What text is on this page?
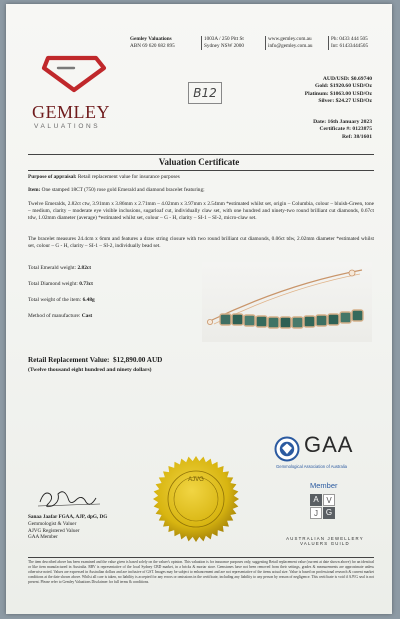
Gemley Valuations
ABN 69 620 682 895
1003A / 250 Pitt St
Sydney NSW 2000
www.gemley.com.au
info@gemley.com.au
Ph: 0433 444 505
Int: 61433444505
GEMLEY
VALUATIONS
B12
AUD/USD: $0.69740
Gold: $1920.60 USD/Oz
Platinum: $1063.00 USD/Oz
Silver: $24.27 USD/Oz
Date: 16th January 2023
Certificate #: 0123875
Ref: 38/1601
Valuation Certificate
Purpose of appraisal: Retail replacement value for insurance purposes
Item: One stamped 18CT (750) rose gold Emerald and diamond bracelet featuring;
Twelve Emeralds, 2.82ct ctw, 3.91mm x 3.86mm x 2.71mm – 4.02mm x 3.97mm x 2.54mm *estimated whilst set, origin – Columbia, colour – bluish-Green, tone – medium, clarity – moderate eye visible inclusions, sugarloaf cut, individually claw set, with one hundred and ninety-two round brilliant cut diamonds, 0.67ct tdw, 1.02mm diameter (average) *estimated whilst set, colour – G - H, clarity – SI-1 – SI-2, micro-claw set.
The bracelet measures 24.4cm x 6mm and features a draw string closure with two round brilliant cut diamonds, 0.06ct tdw, 2.02mm diameter *estimated whilst set, colour – G - H, clarity – SI-1 – SI-2, individually bead set.
Total Emerald weight: 2.82ct
Total Diamond weight: 0.73ct
Total weight of the item: 6.48g
Method of manufacture: Cast
Retail Replacement Value: $12,890.00 AUD
(Twelve thousand eight hundred and ninety dollars)
GAA
Gemmological Association of Australia
Member
A V
J G
AUSTRALIAN JEWELLERY
VALUERS GUILD
AJVG
Sanaa Jaafar FGAA, AJP, dpG, DG
Gemmologist & Valuer
AJVG Registered Valuer
GAA Member
The item described above has been examined and the value given is based solely on the valuer's opinion. This valuation is for insurance purposes only, suggesting Retail replacement value (current at date shown above) for an identical or like item manufactured in Australia. RRV is representative of the local Sydney CBD market, in a bricks & mortar store. Gemstones have not been removed from their settings, grades & measurements are approximate unless otherwise noted. Values are expressed in Australian dollars and are inclusive of GST. Images may be subject to enhancement and are not representative of the items actual size. Value is based on professional research & current market conditions at the date shown above. Whilst all care is taken, no liability is accepted for any errors or omissions in the certificate, including any liability to any person by reason of negligence. This certificate is void if AJVG seal is not present. Please refer to Gemley Valuations Disclaimer for full terms & conditions.
